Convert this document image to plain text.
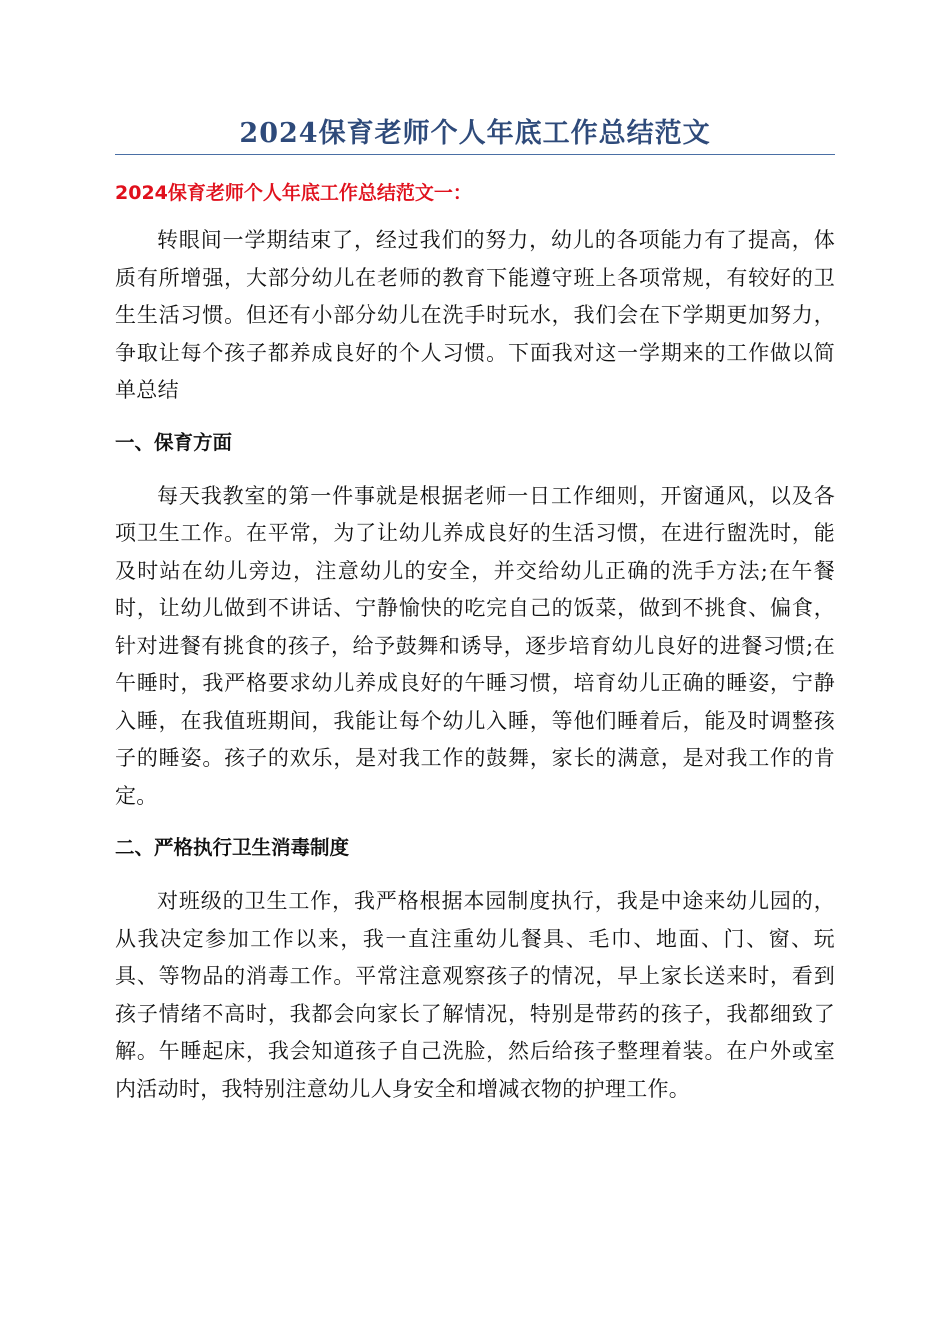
2024保育老师个人年底工作总结范文

2024保育老师个人年底工作总结范文一：

转眼间一学期结束了，经过我们的努力，幼儿的各项能力有了提高，体质有所增强，大部分幼儿在老师的教育下能遵守班上各项常规，有较好的卫生生活习惯。但还有小部分幼儿在洗手时玩水，我们会在下学期更加努力，争取让每个孩子都养成良好的个人习惯。下面我对这一学期来的工作做以简单总结

一、保育方面

每天我教室的第一件事就是根据老师一日工作细则，开窗通风，以及各项卫生工作。在平常，为了让幼儿养成良好的生活习惯，在进行盥洗时，能及时站在幼儿旁边，注意幼儿的安全，并交给幼儿正确的洗手方法;在午餐时，让幼儿做到不讲话、宁静愉快的吃完自己的饭菜，做到不挑食、偏食，针对进餐有挑食的孩子，给予鼓舞和诱导，逐步培育幼儿良好的进餐习惯;在午睡时，我严格要求幼儿养成良好的午睡习惯，培育幼儿正确的睡姿，宁静入睡，在我值班期间，我能让每个幼儿入睡，等他们睡着后，能及时调整孩子的睡姿。孩子的欢乐，是对我工作的鼓舞，家长的满意，是对我工作的肯定。

二、严格执行卫生消毒制度

对班级的卫生工作，我严格根据本园制度执行，我是中途来幼儿园的，从我决定参加工作以来，我一直注重幼儿餐具、毛巾、地面、门、窗、玩具、等物品的消毒工作。平常注意观察孩子的情况，早上家长送来时，看到孩子情绪不高时，我都会向家长了解情况，特别是带药的孩子，我都细致了解。午睡起床，我会知道孩子自己洗脸，然后给孩子整理着装。在户外或室内活动时，我特别注意幼儿人身安全和增减衣物的护理工作。
